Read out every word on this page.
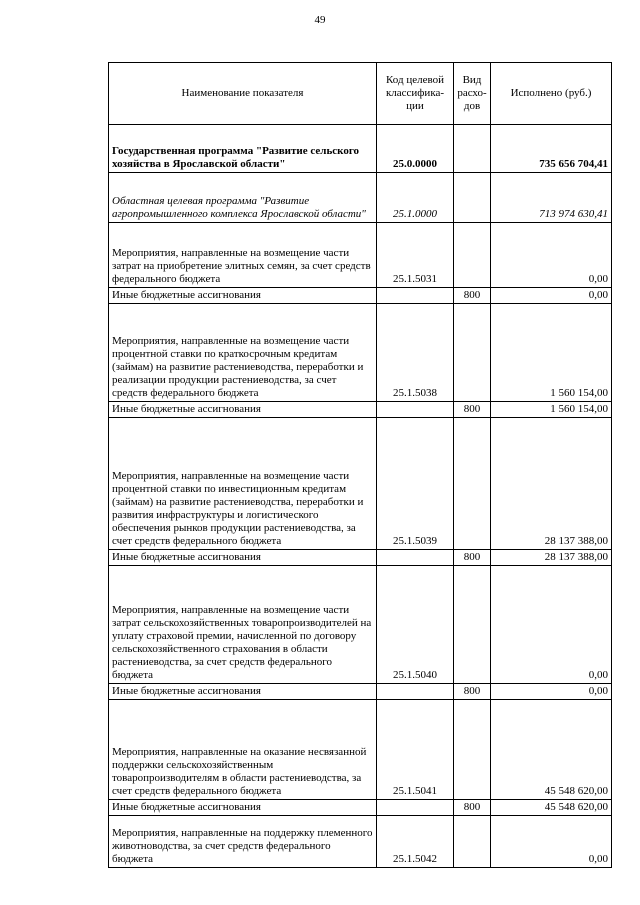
49
Наименование показателя	Код целевой классифика- ции	Вид расхо- дов	Исполнено (руб.)
Государственная программа "Развитие сельского хозяйства в Ярославской области"	25.0.0000		735 656 704,41
Областная целевая программа "Развитие агропромышленного комплекса Ярославской области"	25.1.0000		713 974 630,41
Мероприятия, направленные на возмещение части затрат на приобретение элитных семян, за счет средств федерального бюджета	25.1.5031		0,00
Иные бюджетные ассигнования		800	0,00
Мероприятия, направленные на возмещение части процентной ставки по краткосрочным кредитам (займам) на развитие растениеводства, переработки и реализации продукции растениеводства, за счет средств федерального бюджета	25.1.5038		1 560 154,00
Иные бюджетные ассигнования		800	1 560 154,00
Мероприятия, направленные на возмещение части процентной ставки по инвестиционным кредитам (займам) на развитие растениеводства, переработки и развития инфраструктуры и логистического обеспечения рынков продукции растениеводства, за счет средств федерального бюджета	25.1.5039		28 137 388,00
Иные бюджетные ассигнования		800	28 137 388,00
Мероприятия, направленные на возмещение части затрат сельскохозяйственных товаропроизводителей на уплату страховой премии, начисленной по договору сельскохозяйственного страхования в области растениеводства, за счет средств федерального бюджета	25.1.5040		0,00
Иные бюджетные ассигнования		800	0,00
Мероприятия, направленные на оказание несвязанной поддержки сельскохозяйственным товаропроизводителям в области растениеводства, за счет средств федерального бюджета	25.1.5041		45 548 620,00
Иные бюджетные ассигнования		800	45 548 620,00
Мероприятия, направленные на поддержку племенного животноводства, за счет средств федерального бюджета	25.1.5042		0,00
